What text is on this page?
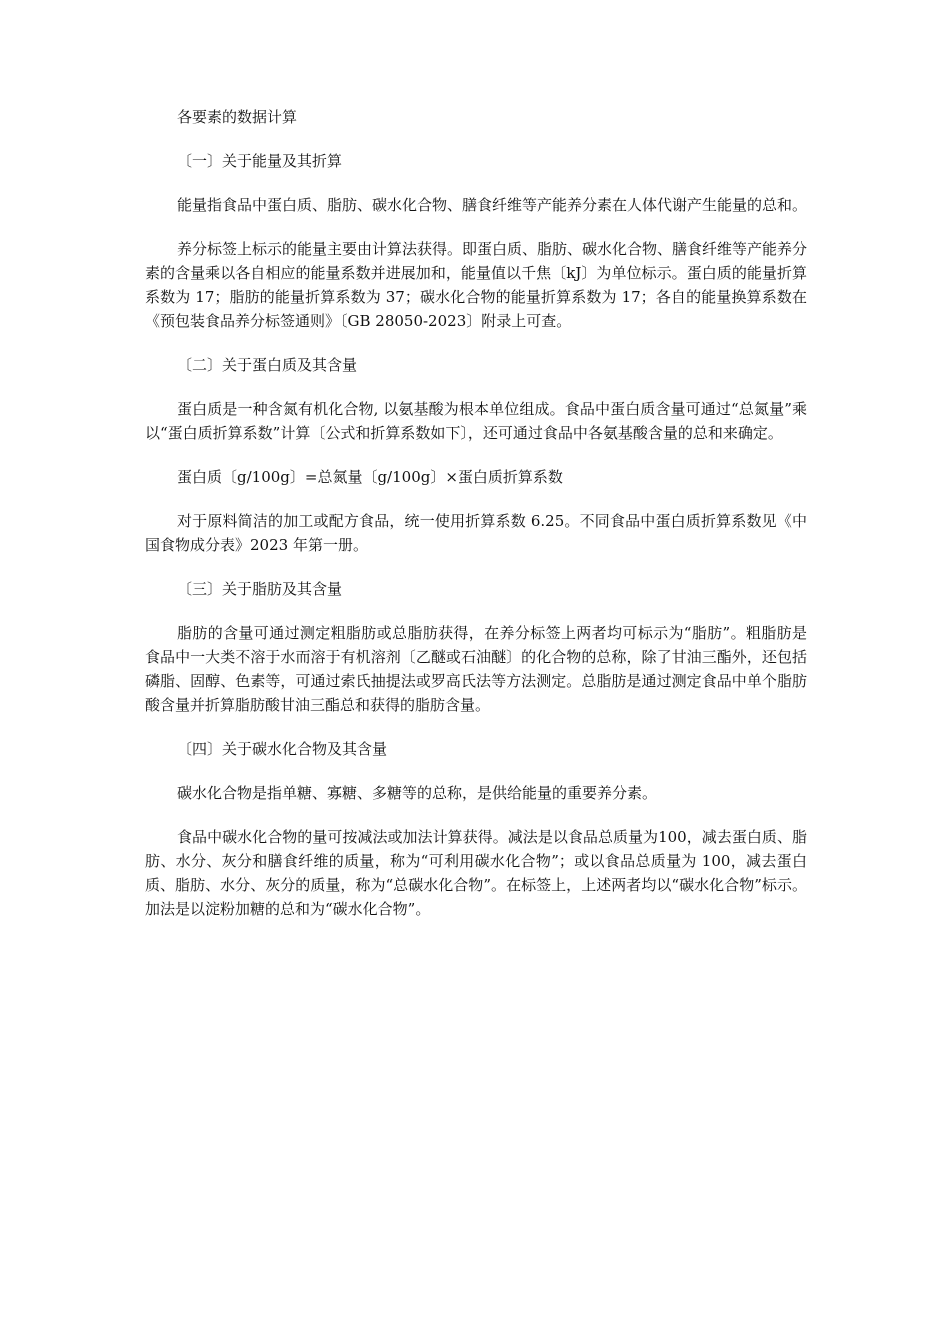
各要素的数据计算
〔一〕关于能量及其折算
能量指食品中蛋白质、脂肪、碳水化合物、膳食纤维等产能养分素在人体代谢产生能量的总和。
养分标签上标示的能量主要由计算法获得。即蛋白质、脂肪、碳水化合物、膳食纤维等产能养分素的含量乘以各自相应的能量系数并进展加和，能量值以千焦〔kJ〕为单位标示。蛋白质的能量折算系数为 17；脂肪的能量折算系数为 37；碳水化合物的能量折算系数为 17；各自的能量换算系数在《预包装食品养分标签通则》〔GB 28050-2023〕附录上可查。
〔二〕关于蛋白质及其含量
蛋白质是一种含氮有机化合物, 以氨基酸为根本单位组成。食品中蛋白质含量可通过“总氮量”乘以“蛋白质折算系数”计算〔公式和折算系数如下〕，还可通过食品中各氨基酸含量的总和来确定。
蛋白质〔g/100g〕=总氮量〔g/100g〕×蛋白质折算系数
对于原料简洁的加工或配方食品，统一使用折算系数 6.25。不同食品中蛋白质折算系数见《中国食物成分表》2023 年第一册。
〔三〕关于脂肪及其含量
脂肪的含量可通过测定粗脂肪或总脂肪获得，在养分标签上两者均可标示为“脂肪”。粗脂肪是食品中一大类不溶于水而溶于有机溶剂〔乙醚或石油醚〕的化合物的总称，除了甘油三酯外，还包括磷脂、固醇、色素等，可通过索氏抽提法或罗高氏法等方法测定。总脂肪是通过测定食品中单个脂肪酸含量并折算脂肪酸甘油三酯总和获得的脂肪含量。
〔四〕关于碳水化合物及其含量
碳水化合物是指单糖、寡糖、多糖等的总称，是供给能量的重要养分素。
食品中碳水化合物的量可按减法或加法计算获得。减法是以食品总质量为100，减去蛋白质、脂肪、水分、灰分和膳食纤维的质量，称为“可利用碳水化合物”；或以食品总质量为 100，减去蛋白质、脂肪、水分、灰分的质量，称为“总碳水化合物”。在标签上，上述两者均以“碳水化合物”标示。加法是以淀粉加糖的总和为“碳水化合物”。
